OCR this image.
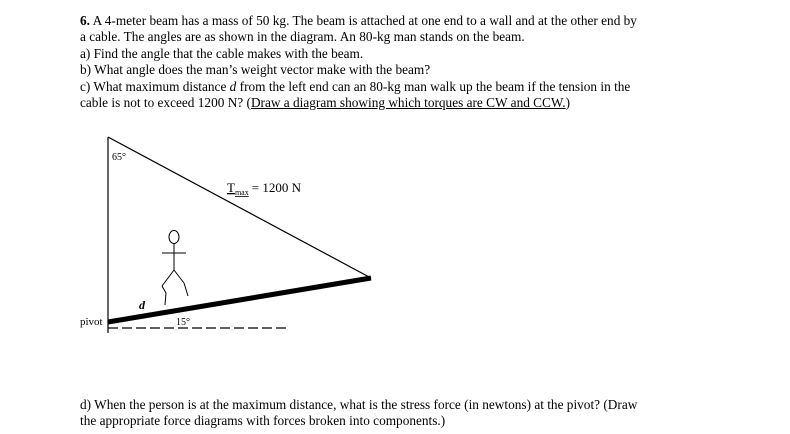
6. A 4-meter beam has a mass of 50 kg. The beam is attached at one end to a wall and at the other end by
a cable. The angles are as shown in the diagram. An 80-kg man stands on the beam.
a) Find the angle that the cable makes with the beam.
b) What angle does the man’s weight vector make with the beam?
c) What maximum distance d from the left end can an 80-kg man walk up the beam if the tension in the
cable is not to exceed 1200 N? (Draw a diagram showing which torques are CW and CCW.)
65°
$T_{max} = 1200$ N
d
pivot	15°
d) When the person is at the maximum distance, what is the stress force (in newtons) at the pivot? (Draw
the appropriate force diagrams with forces broken into components.)
